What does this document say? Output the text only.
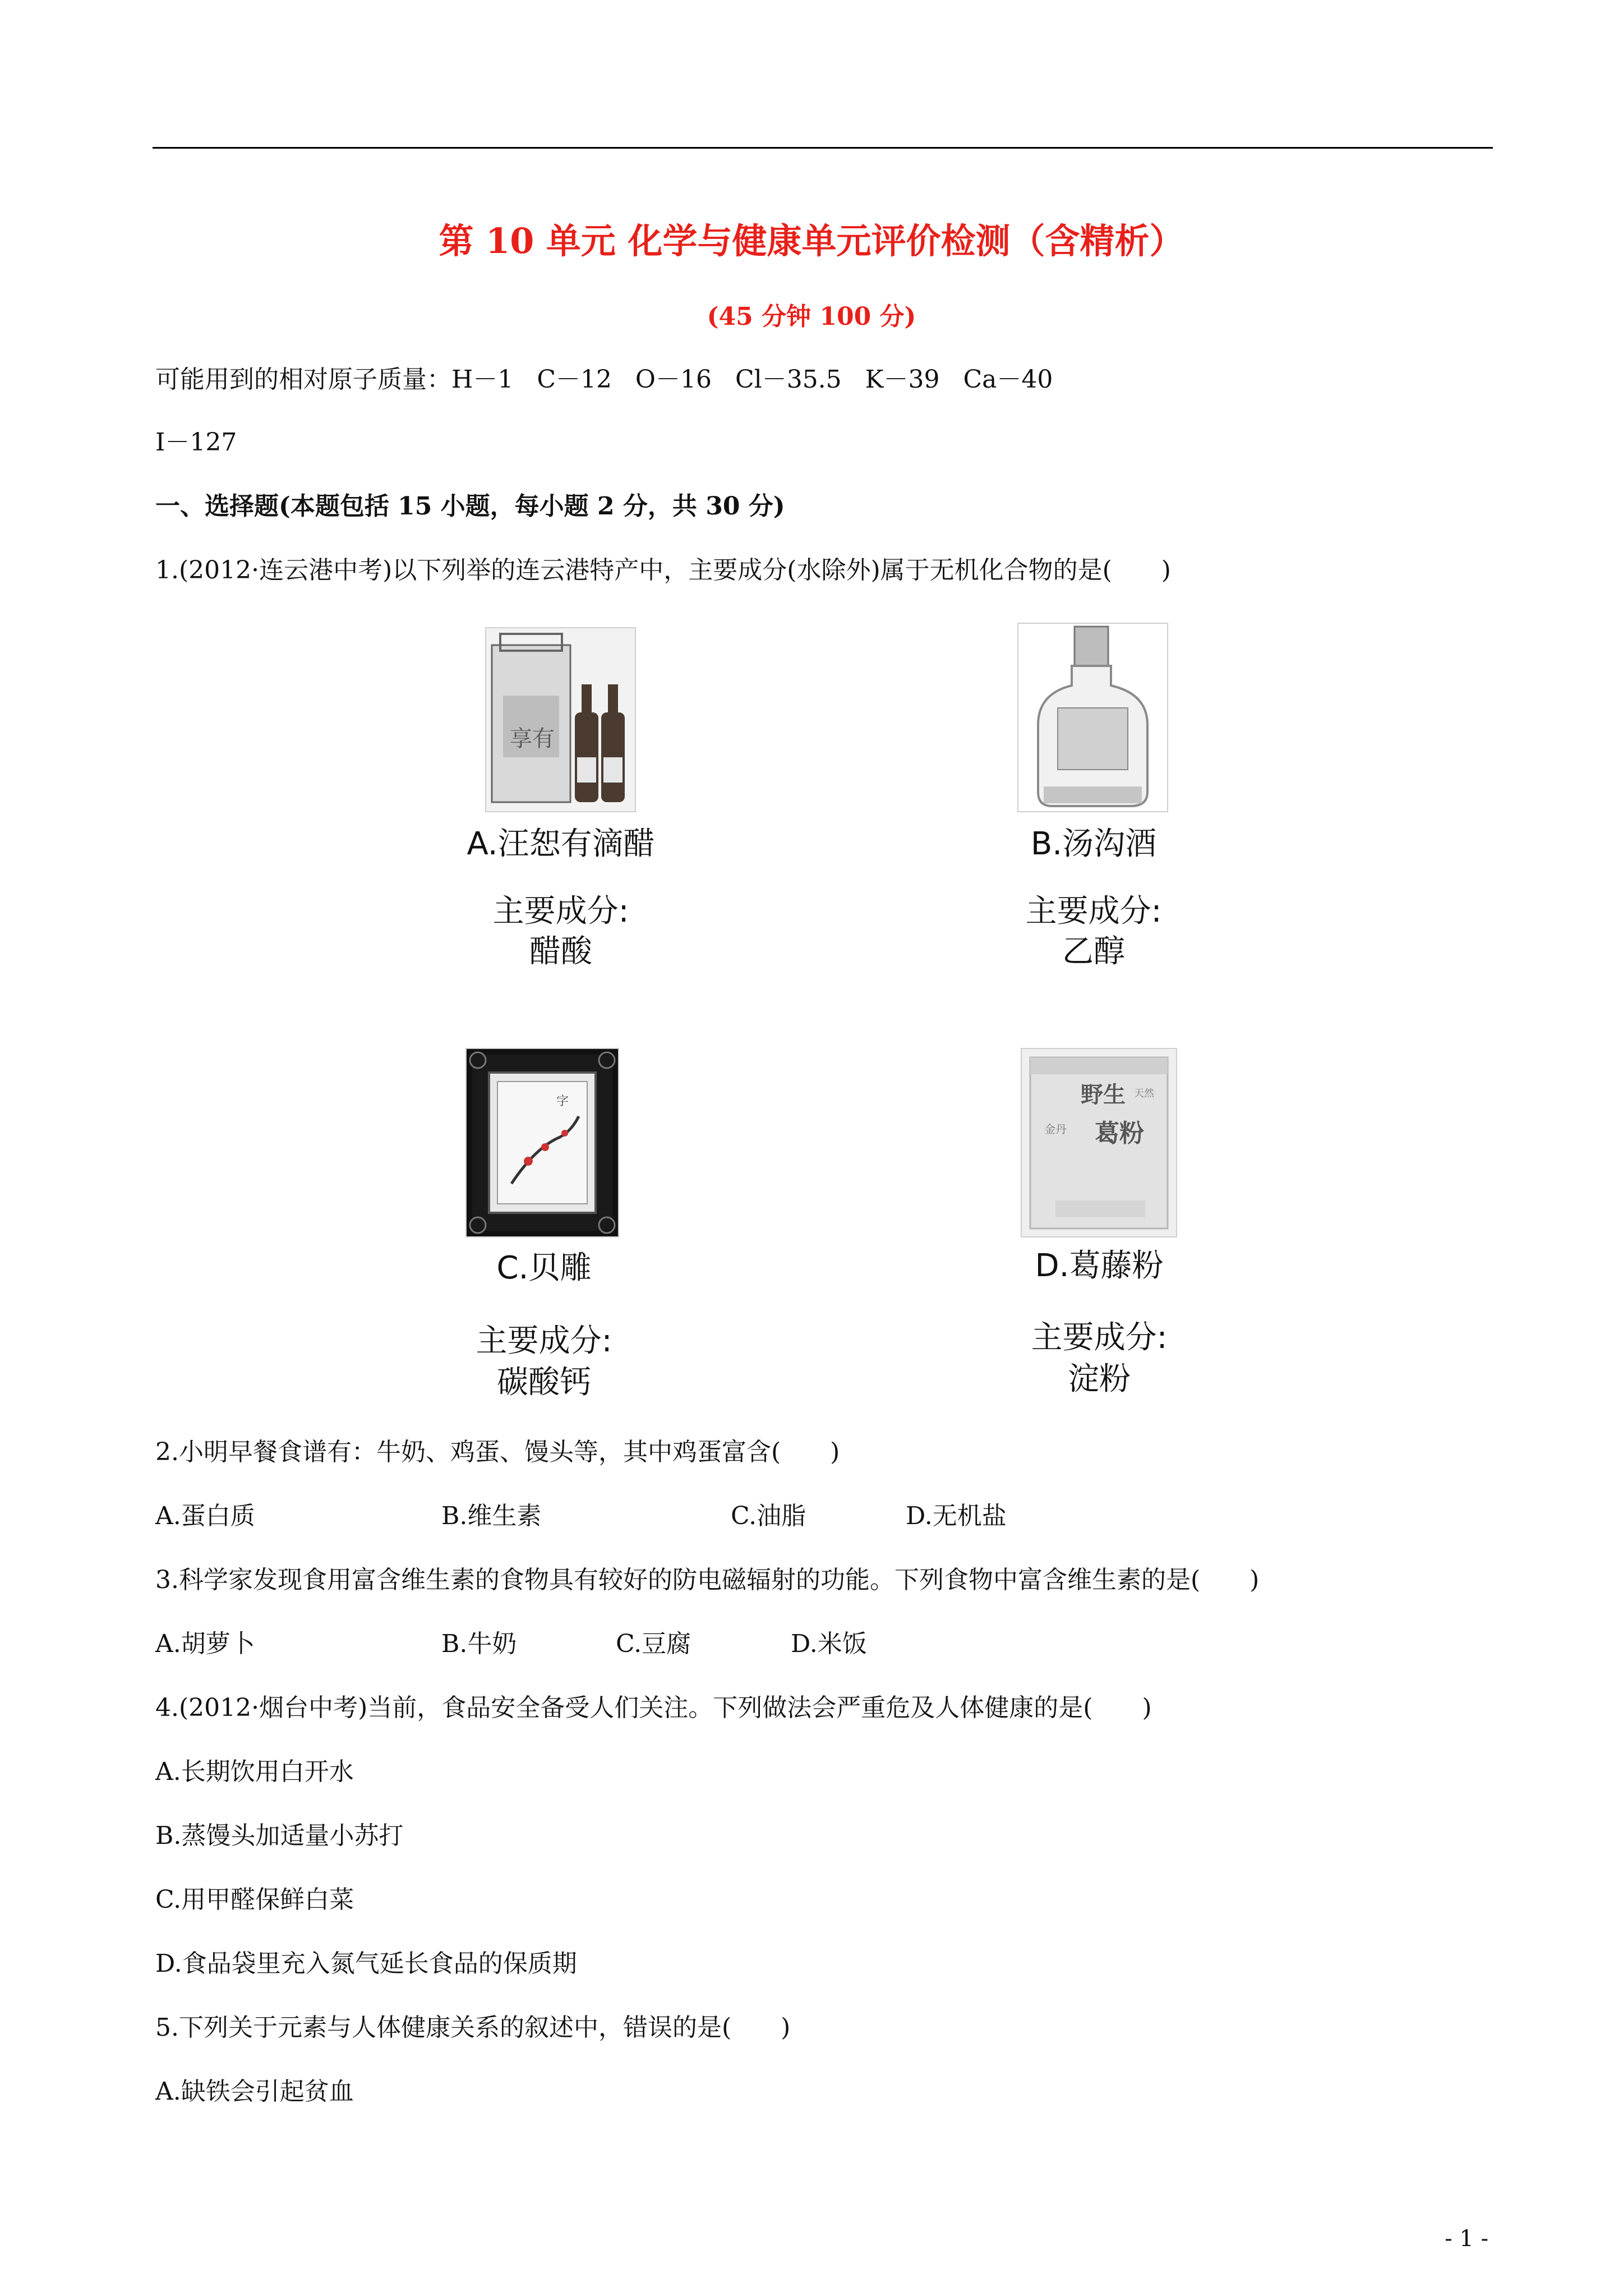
第 10 单元 化学与健康单元评价检测（含精析）
(45 分钟 100 分)
可能用到的相对原子质量：H－1   C－12   O－16   Cl－35.5   K－39   Ca－40
I－127
一、选择题(本题包括 15 小题，每小题 2 分，共 30 分)
1.(2012·连云港中考)以下列举的连云港特产中，主要成分(水除外)属于无机化合物的是(　　)
享有
A.汪恕有滴醋
主要成分:
醋酸
B.汤沟酒
主要成分:
乙醇
字
C.贝雕
主要成分:
碳酸钙
野生
葛粉
金丹
天然
D.葛藤粉
主要成分:
淀粉
2.小明早餐食谱有：牛奶、鸡蛋、馒头等，其中鸡蛋富含(　　)
A.蛋白质	B.维生素	C.油脂	D.无机盐
3.科学家发现食用富含维生素的食物具有较好的防电磁辐射的功能。下列食物中富含维生素的是(　　)
A.胡萝卜	B.牛奶	C.豆腐	D.米饭
4.(2012·烟台中考)当前，食品安全备受人们关注。下列做法会严重危及人体健康的是(　　)
A.长期饮用白开水
B.蒸馒头加适量小苏打
C.用甲醛保鲜白菜
D.食品袋里充入氮气延长食品的保质期
5.下列关于元素与人体健康关系的叙述中，错误的是(　　)
A.缺铁会引起贫血
- 1 -
